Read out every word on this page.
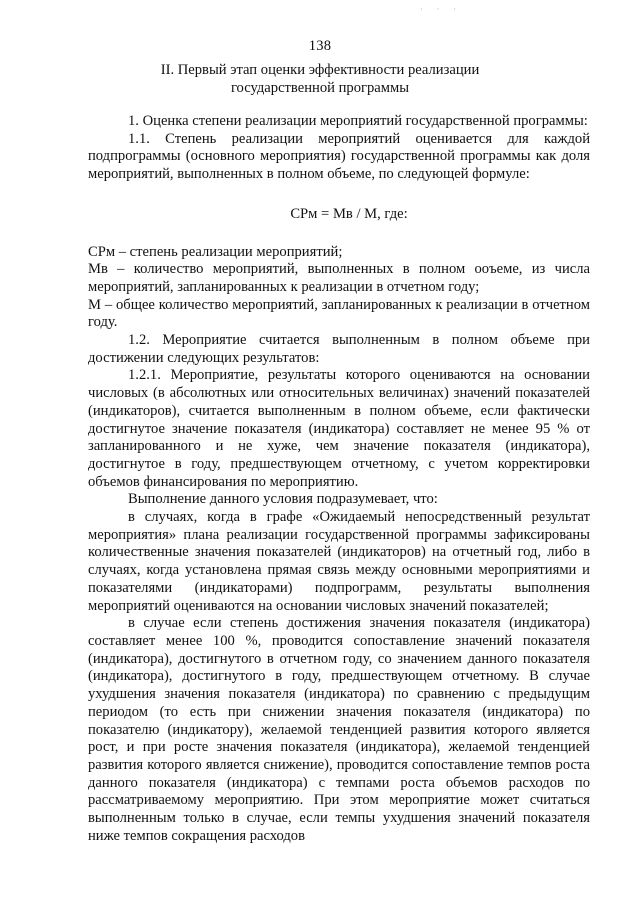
· · ·
138
II. Первый этап оценки эффективности реализации государственной программы

1. Оценка степени реализации мероприятий государственной программы:

1.1. Степень реализации мероприятий оценивается для каждой подпрограммы (основного мероприятия) государственной программы как доля мероприятий, выполненных в полном объеме, по следующей формуле:

СРм = Мв / М, где:

СРм – степень реализации мероприятий;

Мв – количество мероприятий, выполненных в полном ооъеме, из числа мероприятий, запланированных к реализации в отчетном году;

М – общее количество мероприятий, запланированных к реализации в отчетном году.

1.2. Мероприятие считается выполненным в полном объеме при достижении следующих результатов:

1.2.1. Мероприятие, результаты которого оцениваются на основании числовых (в абсолютных или относительных величинах) значений показателей (индикаторов), считается выполненным в полном объеме, если фактически достигнутое значение показателя (индикатора) составляет не менее 95 % от запланированного и не хуже, чем значение показателя (индикатора), достигнутое в году, предшествующем отчетному, с учетом корректировки объемов финансирования по мероприятию.

Выполнение данного условия подразумевает, что:

в случаях, когда в графе «Ожидаемый непосредственный результат мероприятия» плана реализации государственной программы зафиксированы количественные значения показателей (индикаторов) на отчетный год, либо в случаях, когда установлена прямая связь между основными мероприятиями и показателями (индикаторами) подпрограмм, результаты выполнения мероприятий оцениваются на основании числовых значений показателей;

в случае если степень достижения значения показателя (индикатора) составляет менее 100 %, проводится сопоставление значений показателя (индикатора), достигнутого в отчетном году, со значением данного показателя (индикатора), достигнутого в году, предшествующем отчетному. В случае ухудшения значения показателя (индикатора) по сравнению с предыдущим периодом (то есть при снижении значения показателя (индикатора) по показателю (индикатору), желаемой тенденцией развития которого является рост, и при росте значения показателя (индикатора), желаемой тенденцией развития которого является снижение), проводится сопоставление темпов роста данного показателя (индикатора) с темпами роста объемов расходов по рассматриваемому мероприятию. При этом мероприятие может считаться выполненным только в случае, если темпы ухудшения значений показателя ниже темпов сокращения расходов
